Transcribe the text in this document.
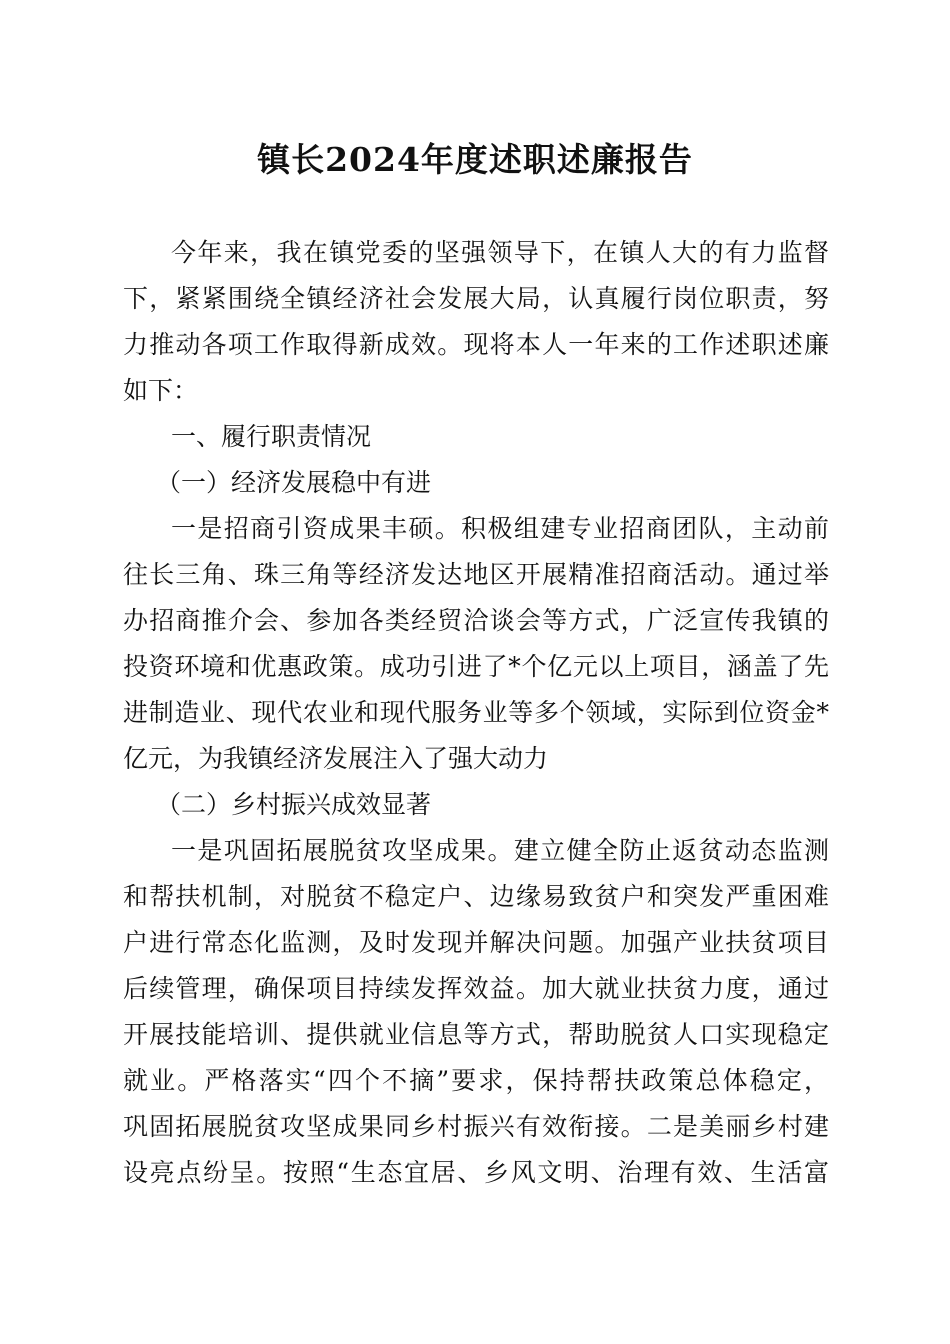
镇长2024年度述职述廉报告
今年来，我在镇党委的坚强领导下，在镇人大的有力监督
下，紧紧围绕全镇经济社会发展大局，认真履行岗位职责，努
力推动各项工作取得新成效。现将本人一年来的工作述职述廉
如下：
一、履行职责情况
（一）经济发展稳中有进
一是招商引资成果丰硕。积极组建专业招商团队，主动前
往长三角、珠三角等经济发达地区开展精准招商活动。通过举
办招商推介会、参加各类经贸洽谈会等方式，广泛宣传我镇的
投资环境和优惠政策。成功引进了*个亿元以上项目，涵盖了先
进制造业、现代农业和现代服务业等多个领域，实际到位资金*
亿元，为我镇经济发展注入了强大动力
（二）乡村振兴成效显著
一是巩固拓展脱贫攻坚成果。建立健全防止返贫动态监测
和帮扶机制，对脱贫不稳定户、边缘易致贫户和突发严重困难
户进行常态化监测，及时发现并解决问题。加强产业扶贫项目
后续管理，确保项目持续发挥效益。加大就业扶贫力度，通过
开展技能培训、提供就业信息等方式，帮助脱贫人口实现稳定
就业。严格落实“四个不摘”要求，保持帮扶政策总体稳定，
巩固拓展脱贫攻坚成果同乡村振兴有效衔接。二是美丽乡村建
设亮点纷呈。按照“生态宜居、乡风文明、治理有效、生活富
